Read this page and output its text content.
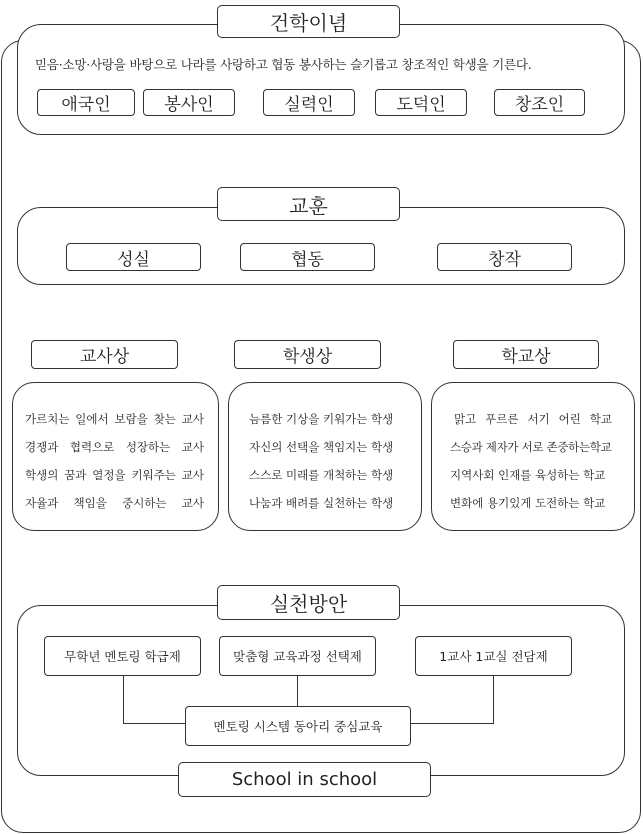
건학이념
믿음·소망·사랑을 바탕으로 나라를 사랑하고 협동 봉사하는 슬기롭고 창조적인 학생을 기른다.
애국인	봉사인	실력인	도덕인	창조인
교훈
성실	협동	창작
교사상	학생상	학교상
가르치는 일에서 보람을 찾는 교사
경쟁과 협력으로 성장하는 교사
학생의 꿈과 열정을 키워주는 교사
자율과 책임을 중시하는 교사
늠름한 기상을 키워가는 학생
자신의 선택을 책임지는 학생
스스로 미래를 개척하는 학생
나눔과 배려를 실천하는 학생
맑고 푸르른 서기 어린 학교
스승과 제자가 서로 존중하는학교
지역사회 인재를 육성하는 학교
변화에 용기있게 도전하는 학교
실천방안
무학년 멘토링 학급제	맞춤형 교육과정 선택제	1교사 1교실 전담제
멘토링 시스템 동아리 중심교육
School in school
